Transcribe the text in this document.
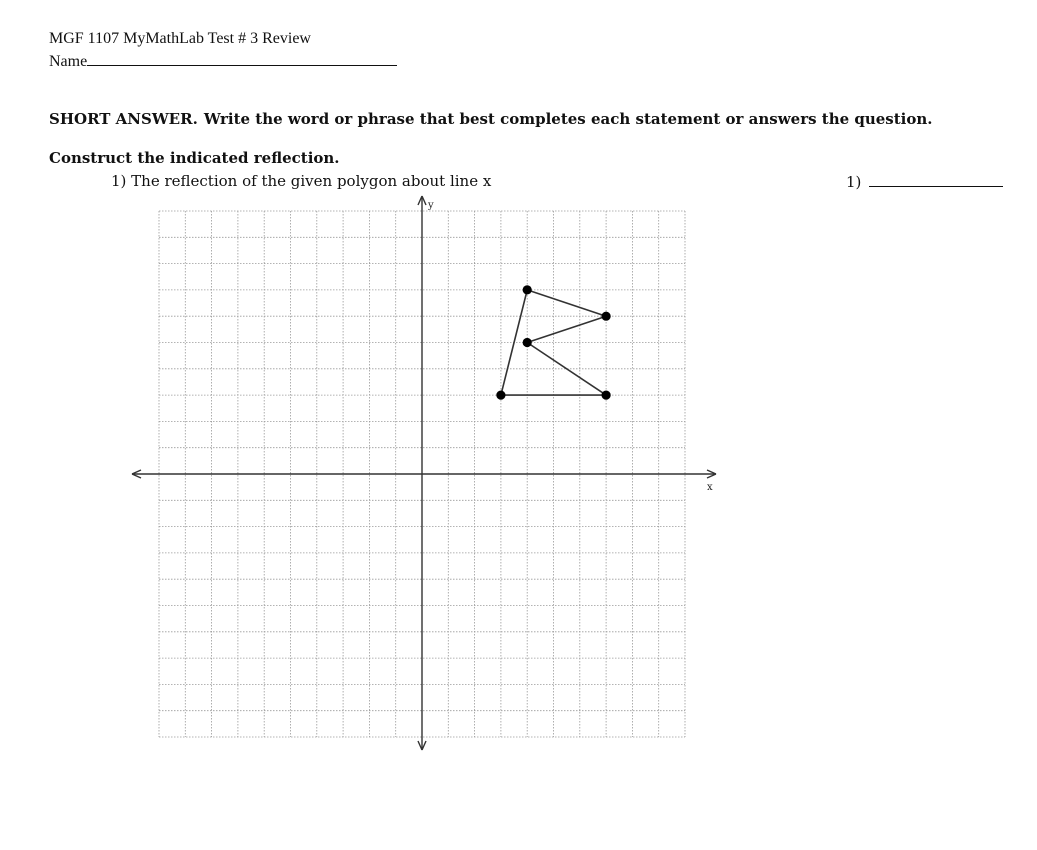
MGF 1107 MyMathLab Test # 3 Review
Name
SHORT ANSWER. Write the word or phrase that best completes each statement or answers the question.
Construct the indicated reflection.
1) The reflection of the given polygon about line x	1)
x
y
